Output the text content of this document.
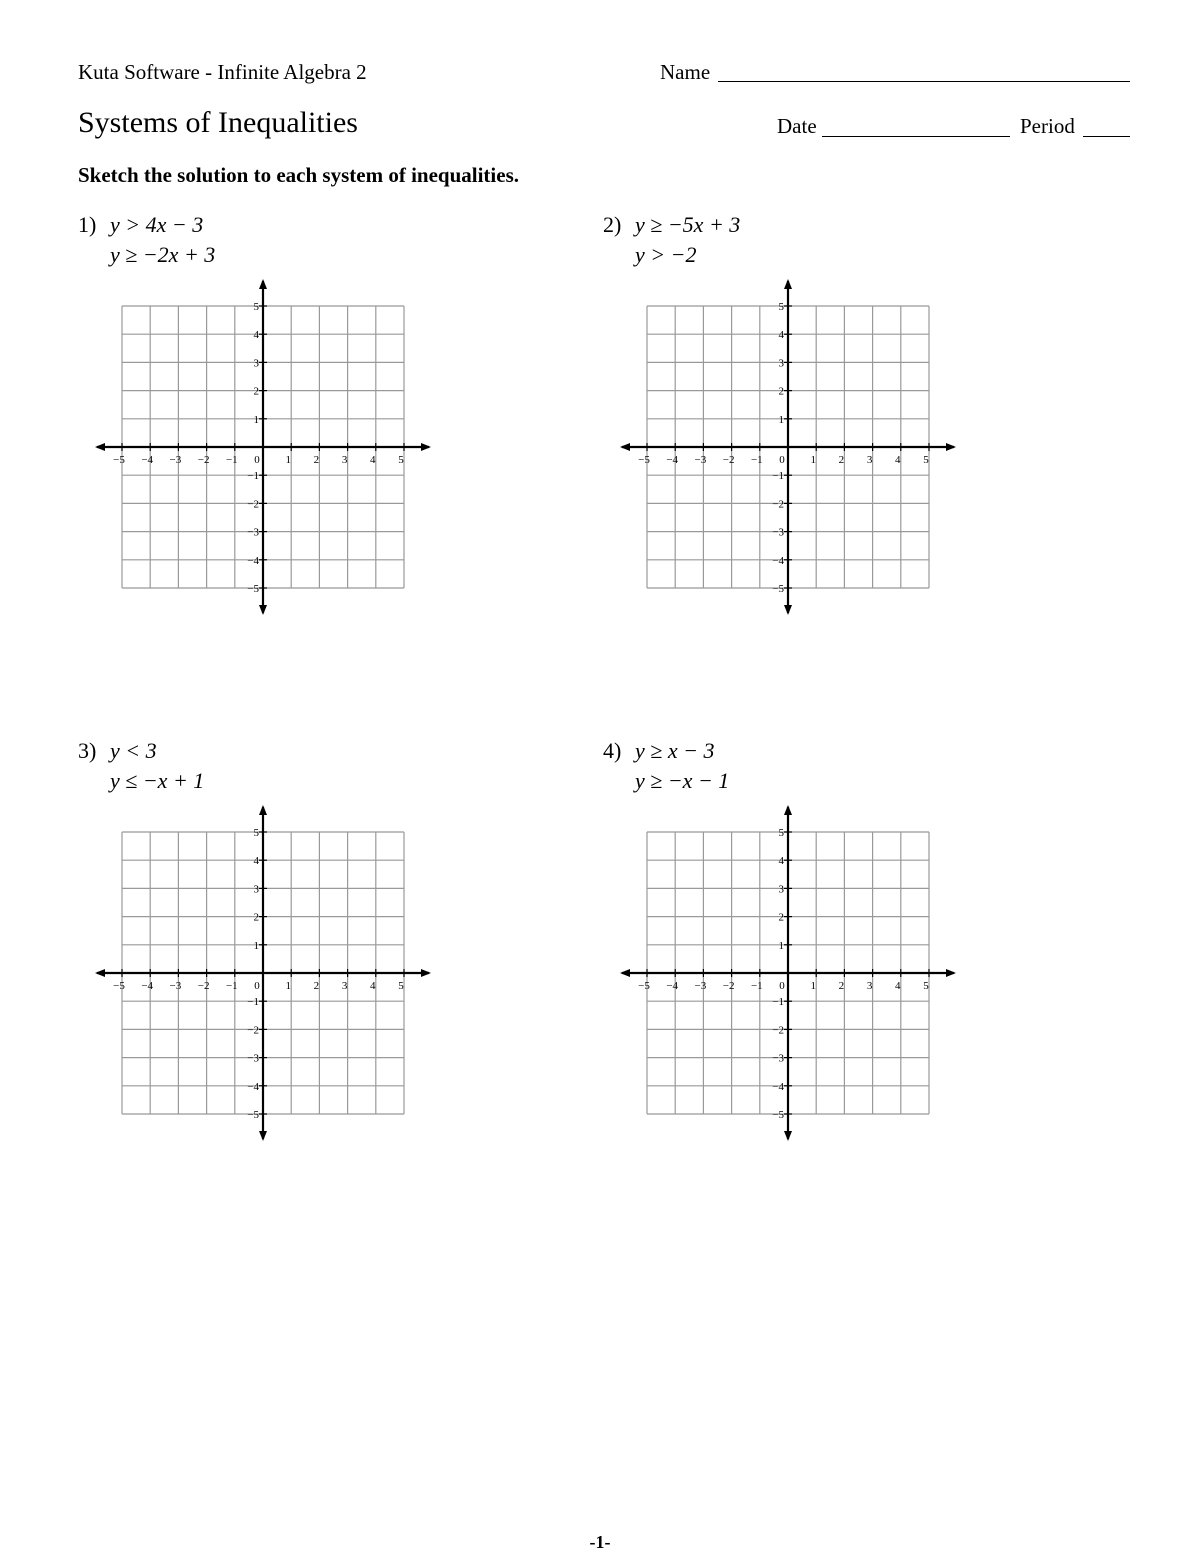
Kuta Software - Infinite Algebra 2	Name
Systems of Inequalities	Date	Period
Sketch the solution to each system of inequalities.
1) y > 4x − 3
y ≥ −2x + 3
−5 −4 −3 −2 −1	1 2 3 4 5
5
4
3
2
1
−1
−2
−3
−4
−5
0
2) y ≥ −5x + 3
y > −2
−5 −4 −3 −2 −1	1 2 3 4 5
5
4
3
2
1
−1
−2
−3
−4
−5
0
3) y < 3
y ≤ −x + 1
−5 −4 −3 −2 −1	1 2 3 4 5
5
4
3
2
1
−1
−2
−3
−4
−5
0
4) y ≥ x − 3
y ≥ −x − 1
−5 −4 −3 −2 −1	1 2 3 4 5
5
4
3
2
1
−1
−2
−3
−4
−5
0
-1-
